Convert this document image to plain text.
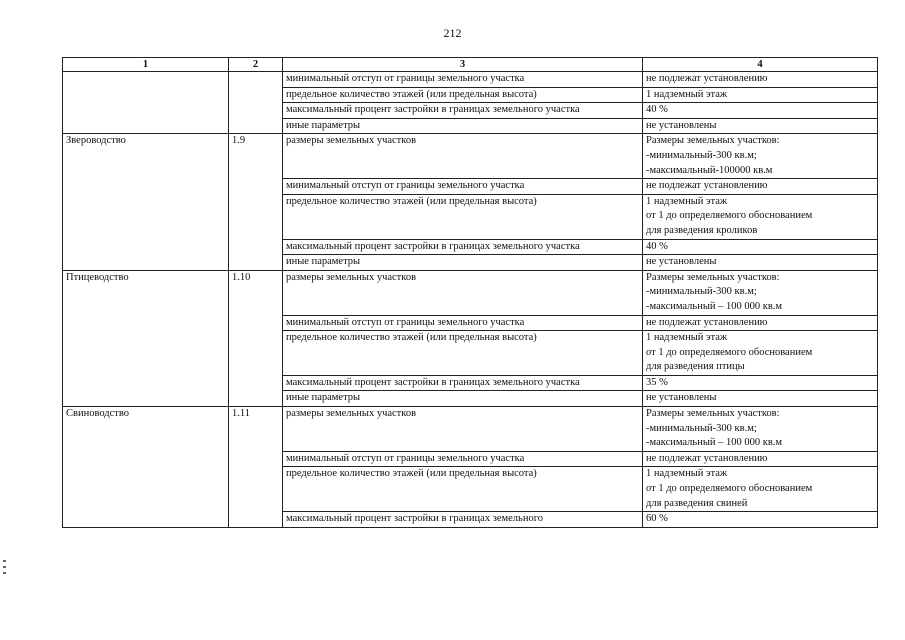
212
1	2	3	4
		минимальный отступ от границы земельного участка	не подлежат установлению

		предельное количество этажей (или предельная высота)	1 надземный этаж

		максимальный процент застройки в границах земельного участка	40 %

		иные параметры	не установлены

Звероводство	1.9	размеры земельных участков	Размеры земельных участков:
-минимальный-300 кв.м;
-максимальный-100000 кв.м

		минимальный отступ от границы земельного участка	не подлежат установлению

		предельное количество этажей (или предельная высота)	1 надземный этаж
от 1 до определяемого обоснованием
для разведения кроликов

		максимальный процент застройки в границах земельного участка	40 %

		иные параметры	не установлены

Птицеводство	1.10	размеры земельных участков	Размеры земельных участков:
-минимальный-300 кв.м;
-максимальный – 100 000 кв.м

		минимальный отступ от границы земельного участка	не подлежат установлению

		предельное количество этажей (или предельная высота)	1 надземный этаж
от 1 до определяемого обоснованием
для разведения птицы

		максимальный процент застройки в границах земельного участка	35 %

		иные параметры	не установлены

Свиноводство	1.11	размеры земельных участков	Размеры земельных участков:
-минимальный-300 кв.м;
-максимальный – 100 000 кв.м

		минимальный отступ от границы земельного участка	не подлежат установлению

		предельное количество этажей (или предельная высота)	1 надземный этаж
от 1 до определяемого обоснованием
для разведения свиней

		максимальный процент застройки в границах земельного	60 %
